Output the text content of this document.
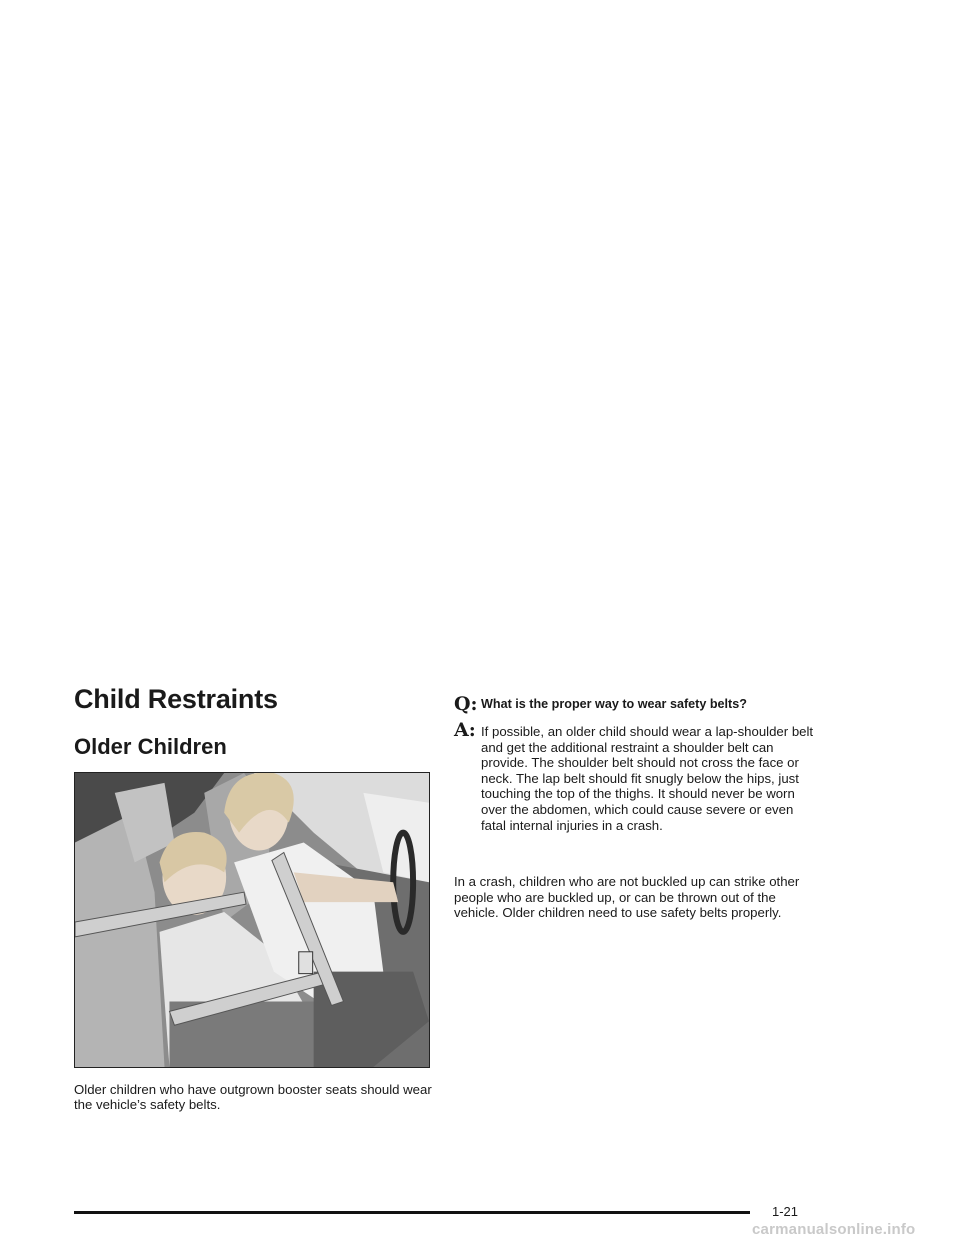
Child Restraints
Older Children

Older children who have outgrown booster seats should wear the vehicle’s safety belts.

Q: What is the proper way to wear safety belts?
A: If possible, an older child should wear a lap-shoulder belt and get the additional restraint a shoulder belt can provide. The shoulder belt should not cross the face or neck. The lap belt should fit snugly below the hips, just touching the top of the thighs. It should never be worn over the abdomen, which could cause severe or even fatal internal injuries in a crash.

In a crash, children who are not buckled up can strike other people who are buckled up, or can be thrown out of the vehicle. Older children need to use safety belts properly.

1-21
carmanualsonline.info
